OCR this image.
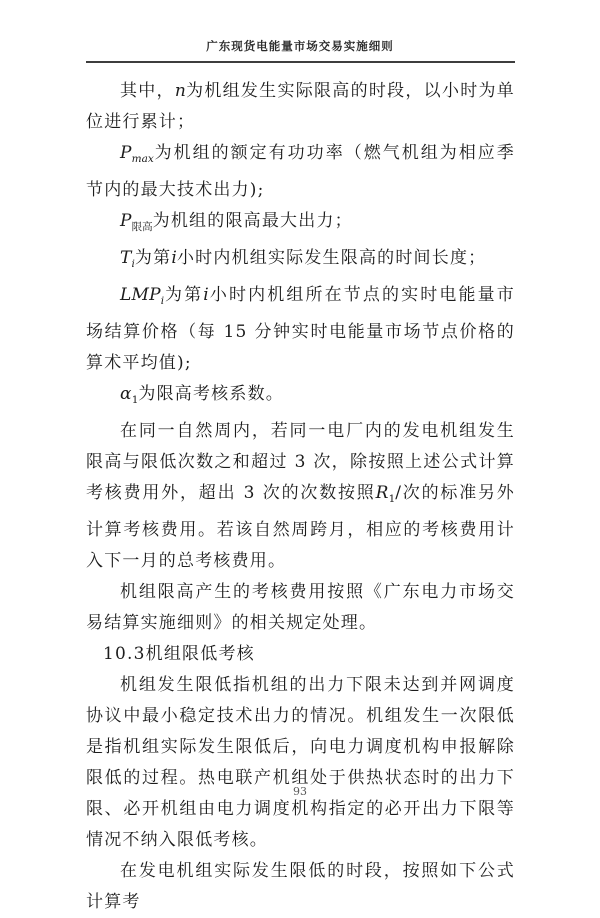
广东现货电能量市场交易实施细则

其中，n为机组发生实际限高的时段，以小时为单位进行累计；

$P_{max}$为机组的额定有功功率（燃气机组为相应季节内的最大技术出力);

$P_{限高}$为机组的限高最大出力；

$T_i$为第i小时内机组实际发生限高的时间长度；

$LMP_i$为第i小时内机组所在节点的实时电能量市场结算价格（每 15 分钟实时电能量市场节点价格的算术平均值);

$\alpha_1$为限高考核系数。

在同一自然周内，若同一电厂内的发电机组发生限高与限低次数之和超过 3 次，除按照上述公式计算考核费用外，超出 3 次的次数按照$R_1/$次的标准另外计算考核费用。若该自然周跨月，相应的考核费用计入下一月的总考核费用。

机组限高产生的考核费用按照《广东电力市场交易结算实施细则》的相关规定处理。

10.3机组限低考核

机组发生限低指机组的出力下限未达到并网调度协议中最小稳定技术出力的情况。机组发生一次限低是指机组实际发生限低后，向电力调度机构申报解除限低的过程。热电联产机组处于供热状态时的出力下限、必开机组由电力调度机构指定的必开出力下限等情况不纳入限低考核。

在发电机组实际发生限低的时段，按照如下公式计算考

93
